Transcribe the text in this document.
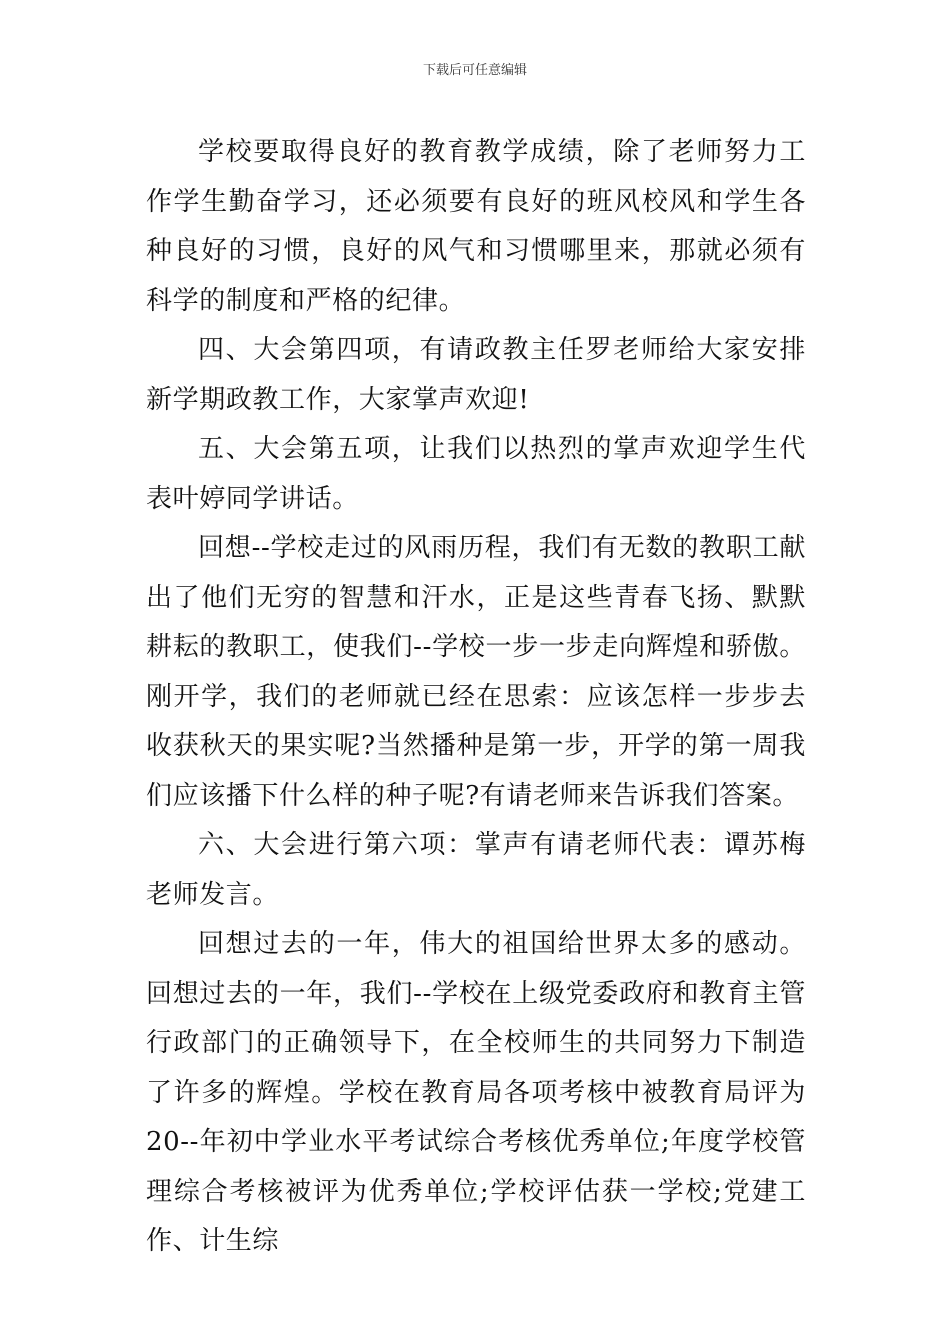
下载后可任意编辑

学校要取得良好的教育教学成绩，除了老师努力工作学生勤奋学习，还必须要有良好的班风校风和学生各种良好的习惯，良好的风气和习惯哪里来，那就必须有科学的制度和严格的纪律。

四、大会第四项，有请政教主任罗老师给大家安排新学期政教工作，大家掌声欢迎!

五、大会第五项，让我们以热烈的掌声欢迎学生代表叶婷同学讲话。

回想--学校走过的风雨历程，我们有无数的教职工献出了他们无穷的智慧和汗水，正是这些青春飞扬、默默耕耘的教职工，使我们--学校一步一步走向辉煌和骄傲。刚开学，我们的老师就已经在思索：应该怎样一步步去收获秋天的果实呢?当然播种是第一步，开学的第一周我们应该播下什么样的种子呢?有请老师来告诉我们答案。

六、大会进行第六项：掌声有请老师代表：谭苏梅老师发言。

回想过去的一年，伟大的祖国给世界太多的感动。回想过去的一年，我们--学校在上级党委政府和教育主管行政部门的正确领导下，在全校师生的共同努力下制造了许多的辉煌。学校在教育局各项考核中被教育局评为20--年初中学业水平考试综合考核优秀单位;年度学校管理综合考核被评为优秀单位;学校评估获一学校;党建工作、计生综
